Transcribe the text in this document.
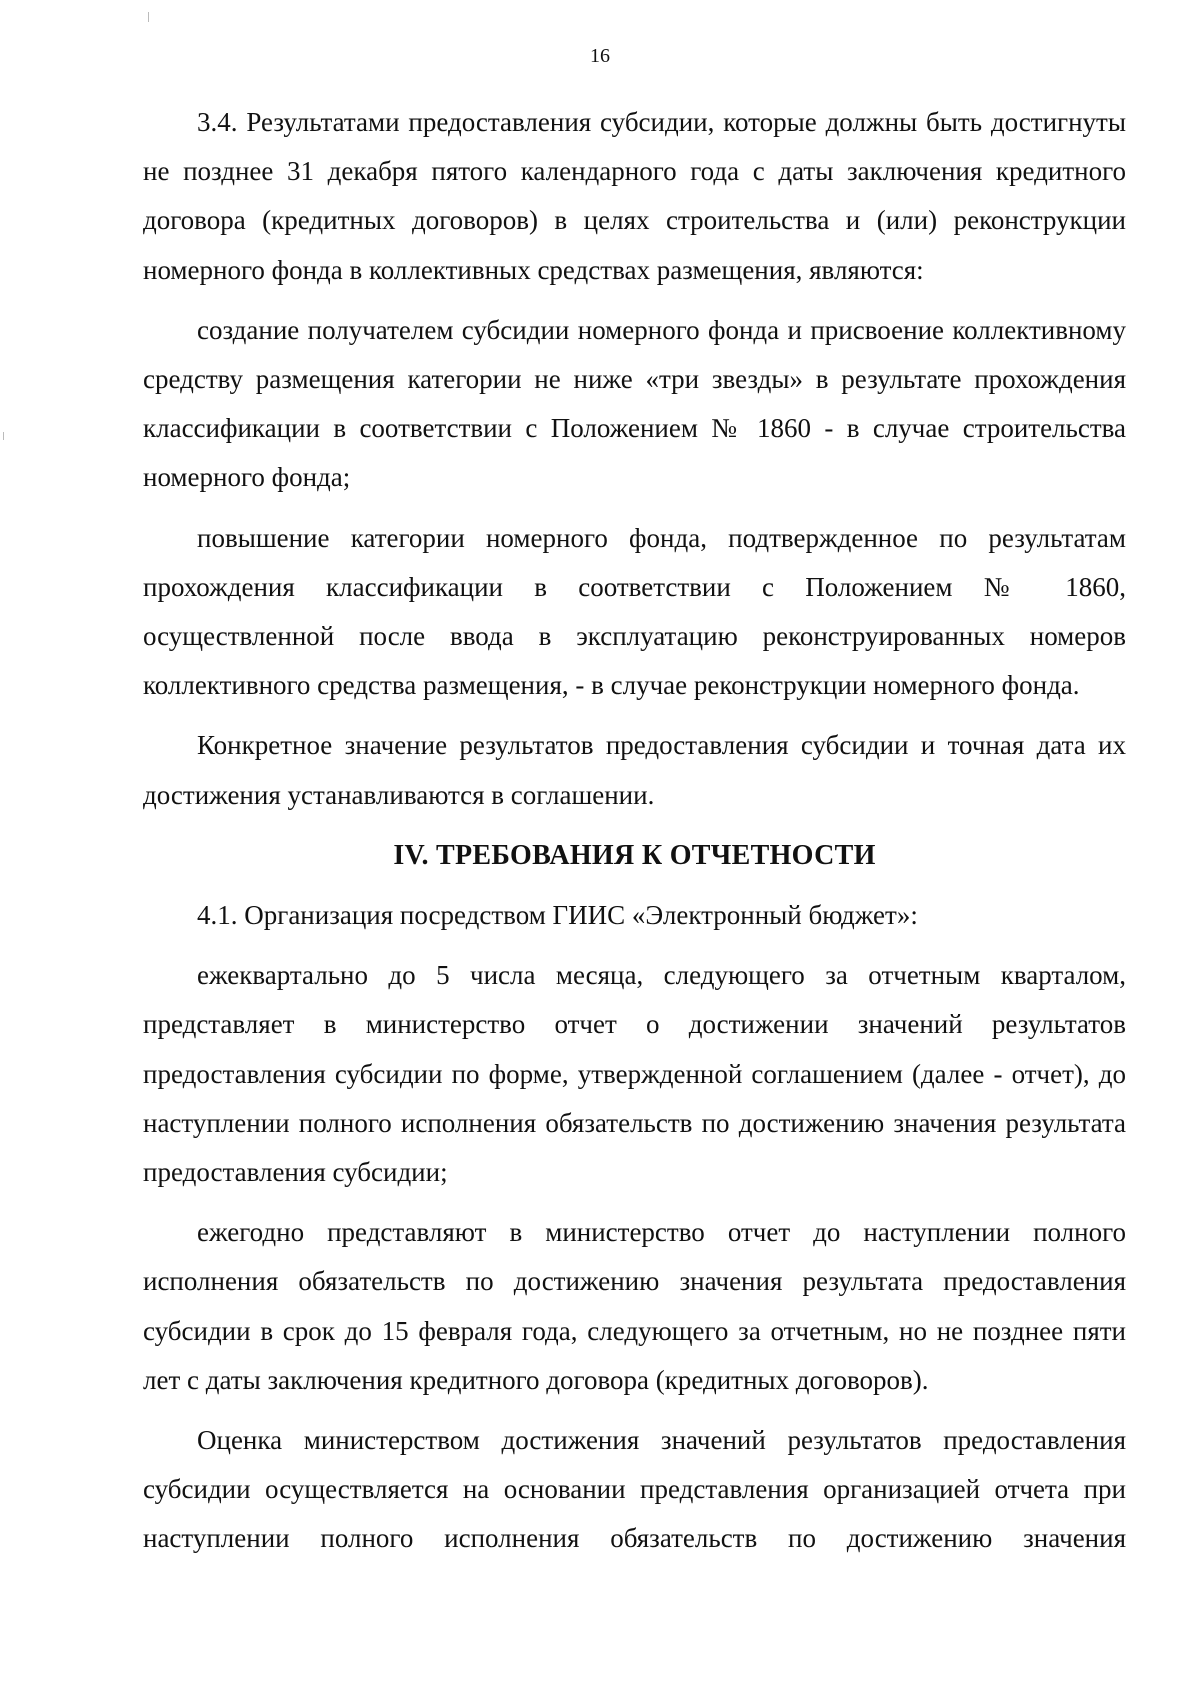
16

3.4. Результатами предоставления субсидии, которые должны быть достигнуты не позднее 31 декабря пятого календарного года с даты заключения кредитного договора (кредитных договоров) в целях строительства и (или) реконструкции номерного фонда в коллективных средствах размещения, являются:

создание получателем субсидии номерного фонда и присвоение коллективному средству размещения категории не ниже «три звезды» в результате прохождения классификации в соответствии с Положением № 1860 - в случае строительства номерного фонда;

повышение категории номерного фонда, подтвержденное по результатам прохождения классификации в соответствии с Положением № 1860, осуществленной после ввода в эксплуатацию реконструированных номеров коллективного средства размещения, - в случае реконструкции номерного фонда.

Конкретное значение результатов предоставления субсидии и точная дата их достижения устанавливаются в соглашении.

IV. ТРЕБОВАНИЯ К ОТЧЕТНОСТИ

4.1. Организация посредством ГИИС «Электронный бюджет»:

ежеквартально до 5 числа месяца, следующего за отчетным кварталом, представляет в министерство отчет о достижении значений результатов предоставления субсидии по форме, утвержденной соглашением (далее - отчет), до наступлении полного исполнения обязательств по достижению значения результата предоставления субсидии;

ежегодно представляют в министерство отчет до наступлении полного исполнения обязательств по достижению значения результата предоставления субсидии в срок до 15 февраля года, следующего за отчетным, но не позднее пяти лет с даты заключения кредитного договора (кредитных договоров).

Оценка министерством достижения значений результатов предоставления субсидии осуществляется на основании представления организацией отчета при наступлении полного исполнения обязательств по достижению значения
